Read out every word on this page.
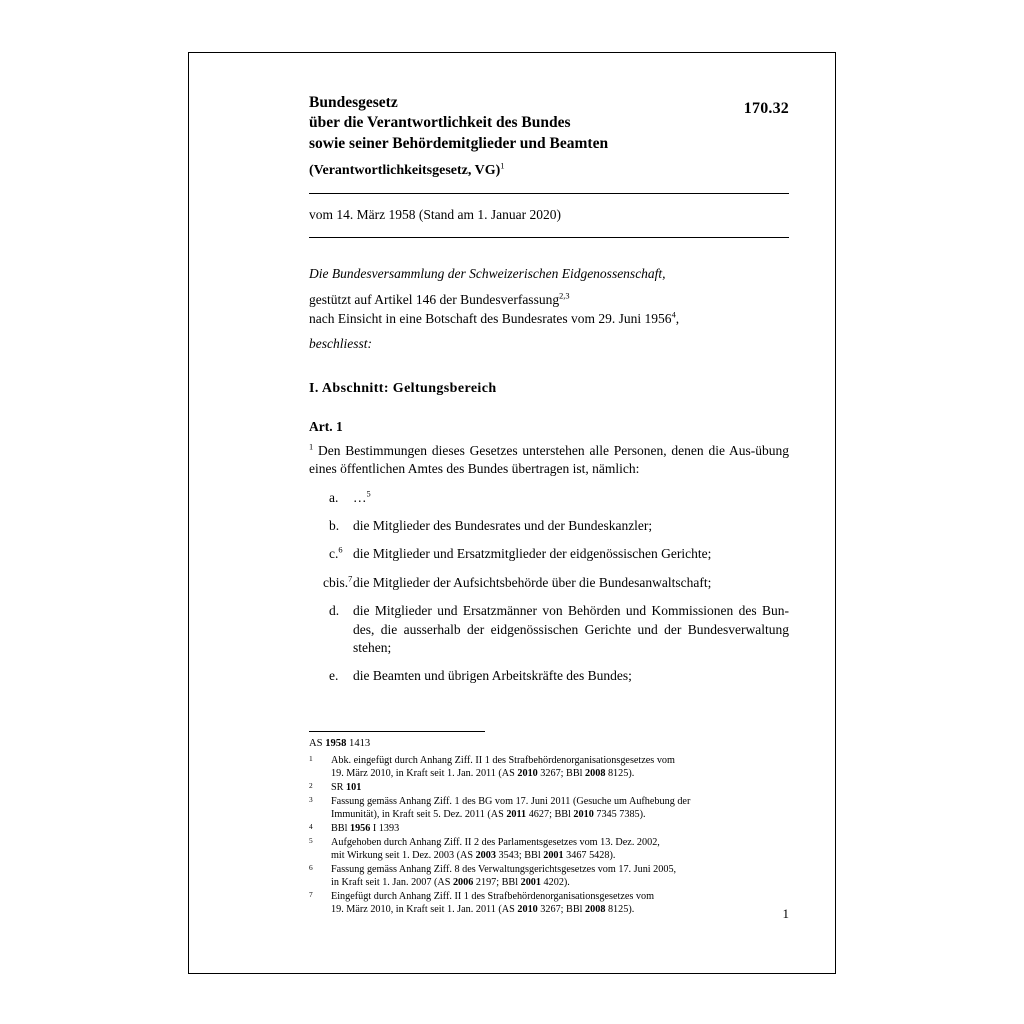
170.32
Bundesgesetz
über die Verantwortlichkeit des Bundes
sowie seiner Behördemitglieder und Beamten
(Verantwortlichkeitsgesetz, VG)$^1$
vom 14. März 1958 (Stand am 1. Januar 2020)
Die Bundesversammlung der Schweizerischen Eidgenossenschaft,
gestützt auf Artikel 146 der Bundesverfassung$^{2,3}$
nach Einsicht in eine Botschaft des Bundesrates vom 29. Juni 1956$^4$,
beschliesst:
I. Abschnitt: Geltungsbereich
Art. 1
$^1$ Den Bestimmungen dieses Gesetzes unterstehen alle Personen, denen die Aus-übung eines öffentlichen Amtes des Bundes übertragen ist, nämlich:
a.	…$^5$
b.	die Mitglieder des Bundesrates und der Bundeskanzler;
c.$^6$ die Mitglieder und Ersatzmitglieder der eidgenössischen Gerichte;
cbis.$^7$ die Mitglieder der Aufsichtsbehörde über die Bundesanwaltschaft;
d.	die Mitglieder und Ersatzmänner von Behörden und Kommissionen des Bun-des, die ausserhalb der eidgenössischen Gerichte und der Bundesverwaltung stehen;
e.	die Beamten und übrigen Arbeitskräfte des Bundes;
AS 1958 1413
1	Abk. eingefügt durch Anhang Ziff. II 1 des Strafbehördenorganisationsgesetzes vom
19. März 2010, in Kraft seit 1. Jan. 2011 (AS 2010 3267; BBl 2008 8125).
2	SR 101
3	Fassung gemäss Anhang Ziff. 1 des BG vom 17. Juni 2011 (Gesuche um Aufhebung der
Immunität), in Kraft seit 5. Dez. 2011 (AS 2011 4627; BBl 2010 7345 7385).
4	BBl 1956 I 1393
5	Aufgehoben durch Anhang Ziff. II 2 des Parlamentsgesetzes vom 13. Dez. 2002,
mit Wirkung seit 1. Dez. 2003 (AS 2003 3543; BBl 2001 3467 5428).
6	Fassung gemäss Anhang Ziff. 8 des Verwaltungsgerichtsgesetzes vom 17. Juni 2005,
in Kraft seit 1. Jan. 2007 (AS 2006 2197; BBl 2001 4202).
7	Eingefügt durch Anhang Ziff. II 1 des Strafbehördenorganisationsgesetzes vom
19. März 2010, in Kraft seit 1. Jan. 2011 (AS 2010 3267; BBl 2008 8125).	1
